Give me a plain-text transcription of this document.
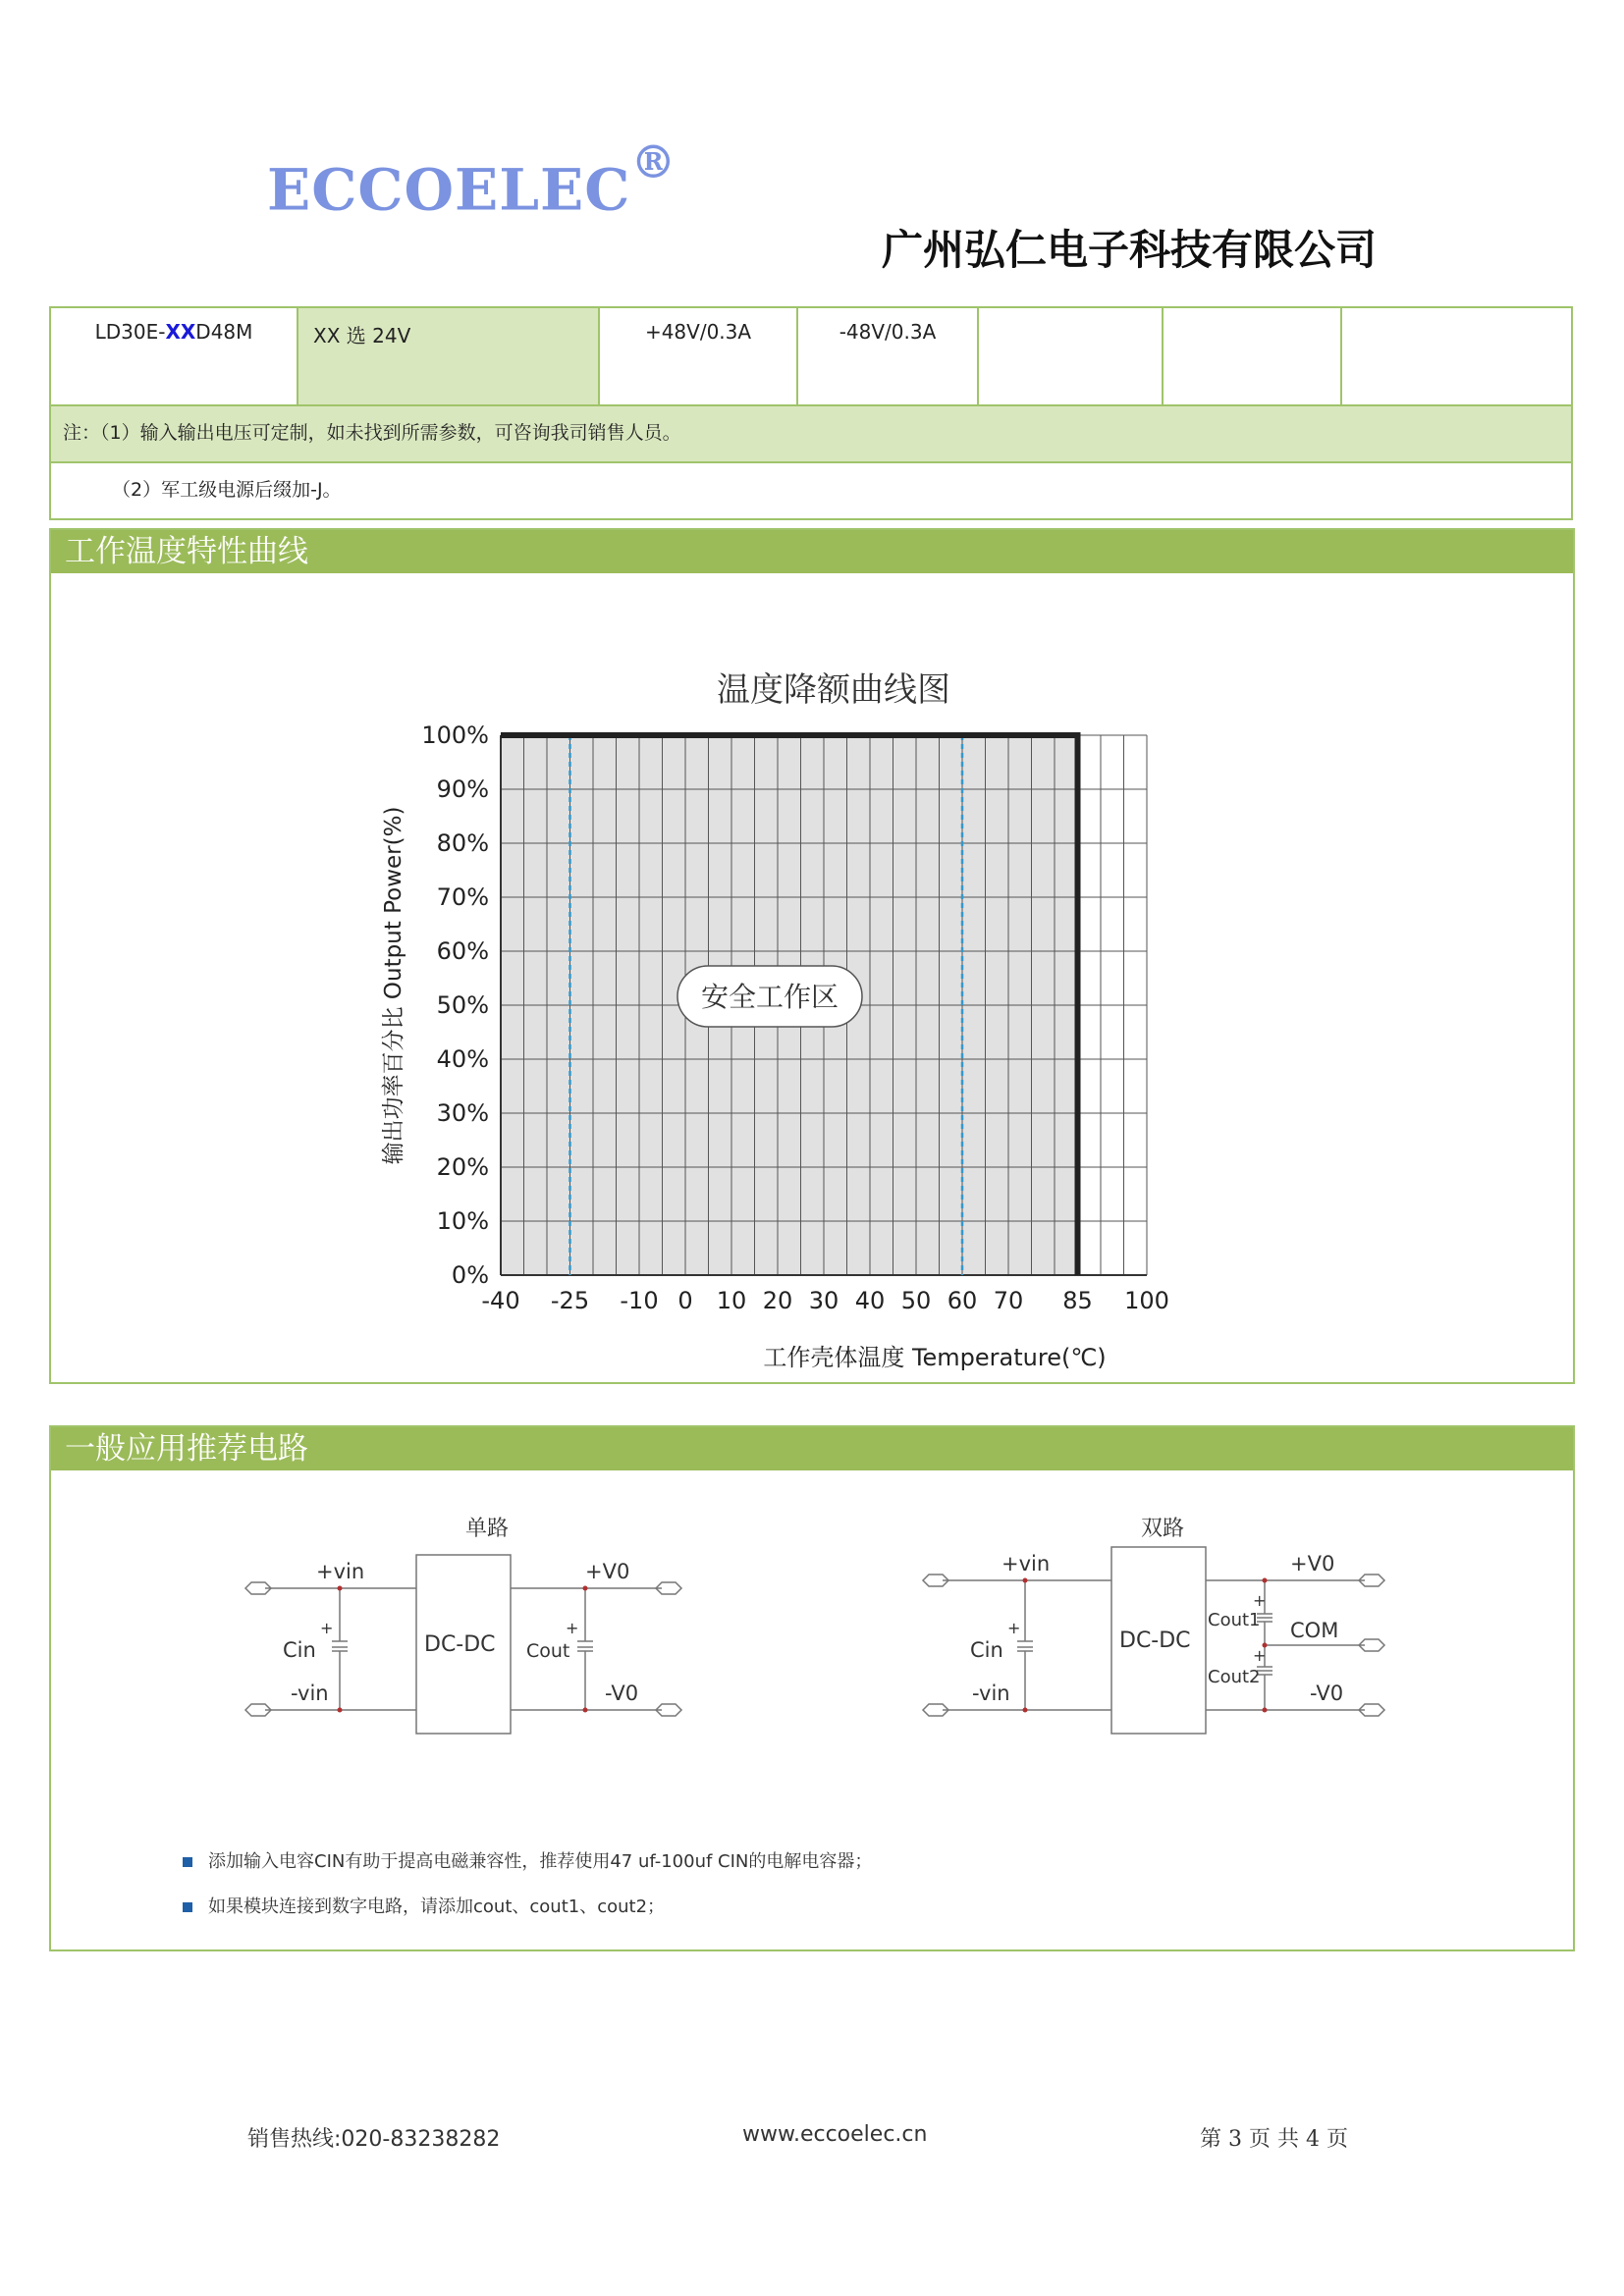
ECCOELEC®
广州弘仁电子科技有限公司
LD30E-XXD48M	XX 选 24V	+48V/0.3A	-48V/0.3A			
注：（1）输入输出电压可定制，如未找到所需参数，可咨询我司销售人员。
（2）军工级电源后缀加-J。
工作温度特性曲线
温度降额曲线图
0%
10%
20%
30%
40%
50%
60%
70%
80%
90%
100%
-40 -25 -10 0 10 20 30 40 50 60 70 85 100
安全工作区
工作壳体温度 Temperature(℃)
输出功率百分比 Output Power(%)
一般应用推荐电路
单路
+vin
-vin
Cin
+
DC-DC Cout
+
+V0
-V0
双路
+vin
-vin
Cin
+
DC-DC
Cout1
+
Cout2
+
+V0
COM
-V0
添加输入电容CIN有助于提高电磁兼容性，推荐使用47 uf-100uf CIN的电解电容器；
如果模块连接到数字电路，请添加cout、cout1、cout2；
销售热线:020-83238282	www.eccoelec.cn	第 3 页 共 4 页
